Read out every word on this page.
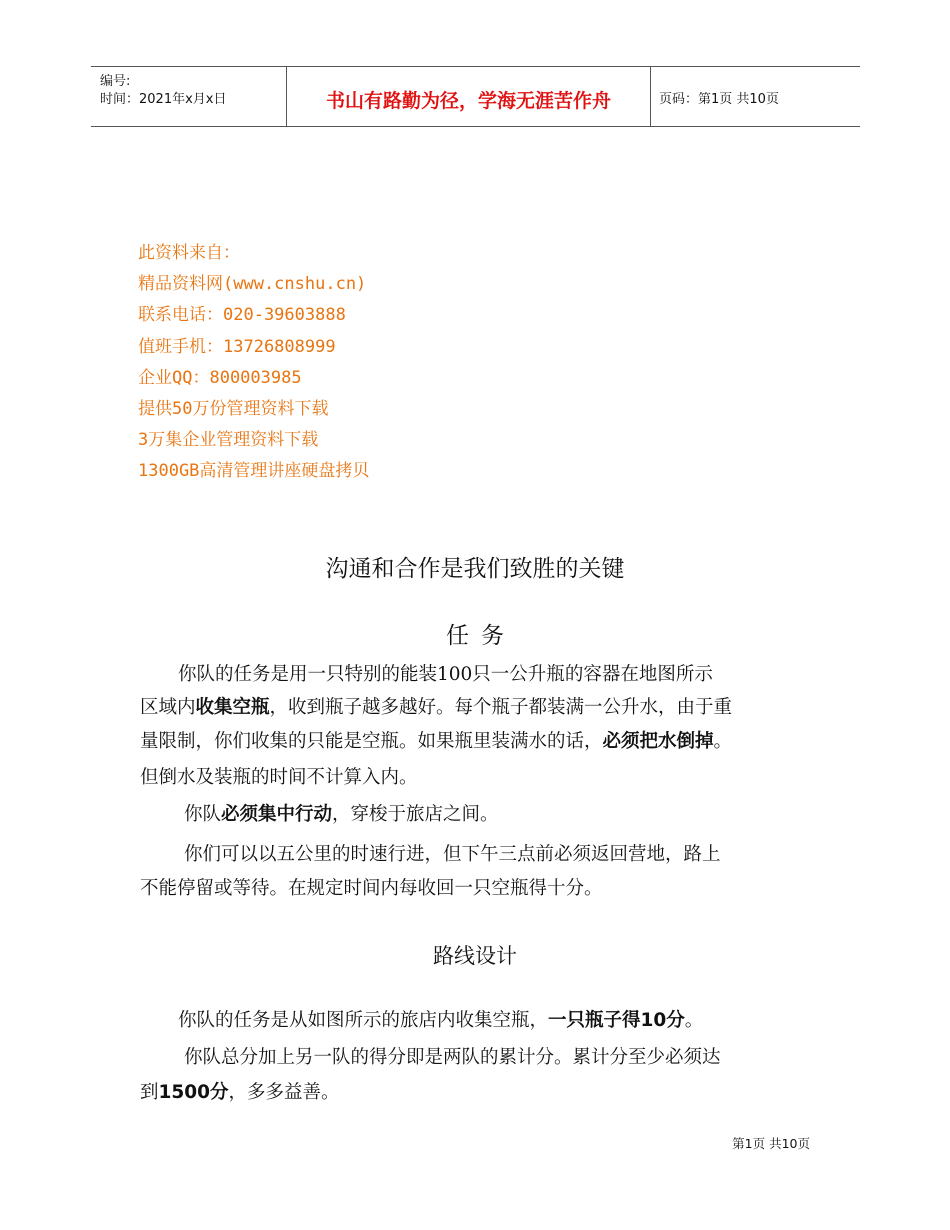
编号:
时间：2021年x月x日	书山有路勤为径，学海无涯苦作舟	页码：第1页 共10页
此资料来自：
精品资料网(www.cnshu.cn)
联系电话：020-39603888
值班手机：13726808999
企业QQ：800003985
提供50万份管理资料下载
3万集企业管理资料下载
1300GB高清管理讲座硬盘拷贝
沟通和合作是我们致胜的关键
任务
你队的任务是用一只特别的能装100只一公升瓶的容器在地图所示
区域内收集空瓶，收到瓶子越多越好。每个瓶子都装满一公升水，由于重
量限制，你们收集的只能是空瓶。如果瓶里装满水的话，必须把水倒掉。
但倒水及装瓶的时间不计算入内。
你队必须集中行动，穿梭于旅店之间。
你们可以以五公里的时速行进，但下午三点前必须返回营地，路上
不能停留或等待。在规定时间内每收回一只空瓶得十分。
路线设计
你队的任务是从如图所示的旅店内收集空瓶，一只瓶子得10分。
你队总分加上另一队的得分即是两队的累计分。累计分至少必须达
到1500分，多多益善。
第1页 共10页
